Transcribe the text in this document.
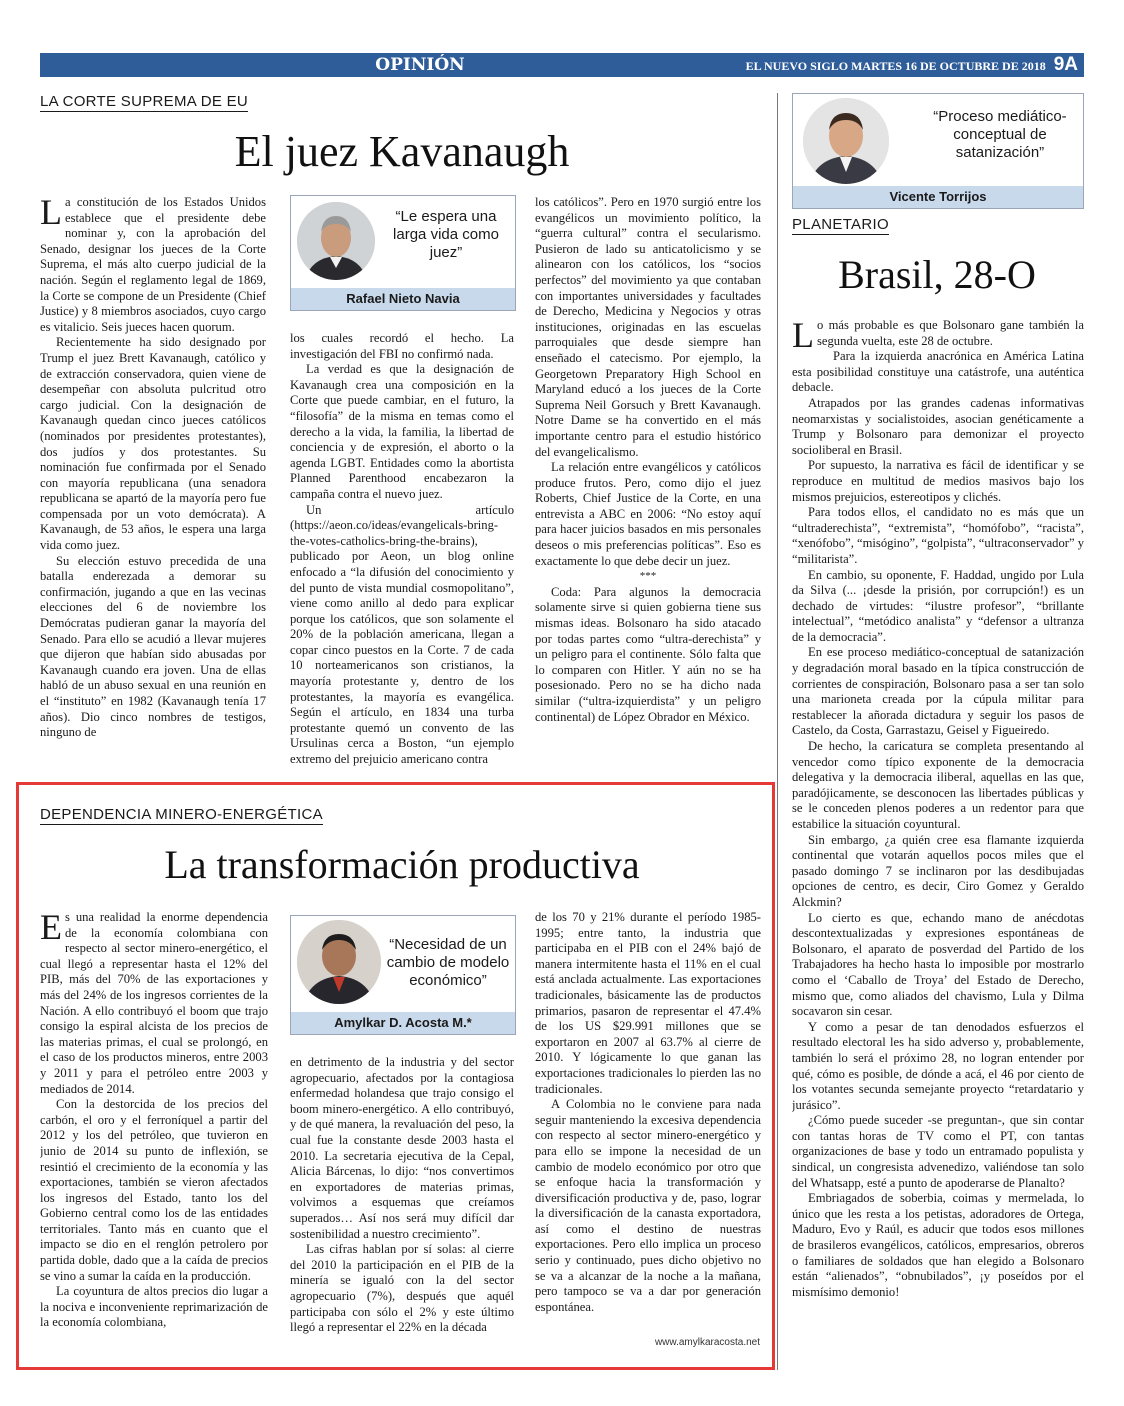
OPINIÓN	EL NUEVO SIGLO MARTES 16 DE OCTUBRE DE 2018 9A
LA CORTE SUPREMA DE EU
El juez Kavanaugh

La constitución de los Estados Unidos establece que el presidente debe nominar y, con la aprobación del Senado, designar los jueces de la Corte Suprema, el más alto cuerpo judicial de la nación. Según el reglamento legal de 1869, la Corte se compone de un Presidente (Chief Justice) y 8 miembros asociados, cuyo cargo es vitalicio. Seis jueces hacen quorum.

Recientemente ha sido designado por Trump el juez Brett Kavanaugh, católico y de extracción conservadora, quien viene de desempeñar con absoluta pulcritud otro cargo judicial. Con la designación de Kavanaugh quedan cinco jueces católicos (nominados por presidentes protestantes), dos judíos y dos protestantes. Su nominación fue confirmada por el Senado con mayoría republicana (una senadora republicana se apartó de la mayoría pero fue compensada por un voto demócrata). A Kavanaugh, de 53 años, le espera una larga vida como juez.

Su elección estuvo precedida de una batalla enderezada a demorar su confirmación, jugando a que en las vecinas elecciones del 6 de noviembre los Demócratas pudieran ganar la mayoría del Senado. Para ello se acudió a llevar mujeres que dijeron que habían sido abusadas por Kavanaugh cuando era joven. Una de ellas habló de un abuso sexual en una reunión en el “instituto” en 1982 (Kavanaugh tenía 17 años). Dio cinco nombres de testigos, ninguno de

“Le espera una larga vida como juez”
Rafael Nieto Navia

los cuales recordó el hecho. La investigación del FBI no confirmó nada.

La verdad es que la designación de Kavanaugh crea una composición en la Corte que puede cambiar, en el futuro, la “filosofía” de la misma en temas como el derecho a la vida, la familia, la libertad de conciencia y de expresión, el aborto o la agenda LGBT. Entidades como la abortista Planned Parenthood encabezaron la campaña contra el nuevo juez.

Un artículo (https://aeon.co/ideas/evangelicals-bring-the-votes-catholics-bring-the-brains), publicado por Aeon, un blog online enfocado a “la difusión del conocimiento y del punto de vista mundial cosmopolitano”, viene como anillo al dedo para explicar porque los católicos, que son solamente el 20% de la población americana, llegan a copar cinco puestos en la Corte. 7 de cada 10 norteamericanos son cristianos, la mayoría protestante y, dentro de los protestantes, la mayoría es evangélica. Según el artículo, en 1834 una turba protestante quemó un convento de las Ursulinas cerca a Boston, “un ejemplo extremo del prejuicio americano contra

los católicos”. Pero en 1970 surgió entre los evangélicos un movimiento político, la “guerra cultural” contra el secularismo. Pusieron de lado su anticatolicismo y se alinearon con los católicos, los “socios perfectos” del movimiento ya que contaban con importantes universidades y facultades de Derecho, Medicina y Negocios y otras instituciones, originadas en las escuelas parroquiales que desde siempre han enseñado el catecismo. Por ejemplo, la Georgetown Preparatory High School en Maryland educó a los jueces de la Corte Suprema Neil Gorsuch y Brett Kavanaugh. Notre Dame se ha convertido en el más importante centro para el estudio histórico del evangelicalismo.

La relación entre evangélicos y católicos produce frutos. Pero, como dijo el juez Roberts, Chief Justice de la Corte, en una entrevista a ABC en 2006: “No estoy aquí para hacer juicios basados en mis personales deseos o mis preferencias políticas”. Eso es exactamente lo que debe decir un juez.

***

Coda: Para algunos la democracia solamente sirve si quien gobierna tiene sus mismas ideas. Bolsonaro ha sido atacado por todas partes como “ultra-derechista” y un peligro para el continente. Sólo falta que lo comparen con Hitler. Y aún no se ha posesionado. Pero no se ha dicho nada similar (“ultra-izquierdista” y un peligro continental) de López Obrador en México.

DEPENDENCIA MINERO-ENERGÉTICA
La transformación productiva

Es una realidad la enorme dependencia de la economía colombiana con respecto al sector minero-energético, el cual llegó a representar hasta el 12% del PIB, más del 70% de las exportaciones y más del 24% de los ingresos corrientes de la Nación. A ello contribuyó el boom que trajo consigo la espiral alcista de los precios de las materias primas, el cual se prolongó, en el caso de los productos mineros, entre 2003 y 2011 y para el petróleo entre 2003 y mediados de 2014.

Con la destorcida de los precios del carbón, el oro y el ferroníquel a partir del 2012 y los del petróleo, que tuvieron en junio de 2014 su punto de inflexión, se resintió el crecimiento de la economía y las exportaciones, también se vieron afectados los ingresos del Estado, tanto los del Gobierno central como los de las entidades territoriales. Tanto más en cuanto que el impacto se dio en el renglón petrolero por partida doble, dado que a la caída de precios se vino a sumar la caída en la producción.

La coyuntura de altos precios dio lugar a la nociva e inconveniente reprimarización de la economía colombiana,

“Necesidad de un cambio de modelo económico”
Amylkar D. Acosta M.*

en detrimento de la industria y del sector agropecuario, afectados por la contagiosa enfermedad holandesa que trajo consigo el boom minero-energético. A ello contribuyó, y de qué manera, la revaluación del peso, la cual fue la constante desde 2003 hasta el 2010. La secretaria ejecutiva de la Cepal, Alicia Bárcenas, lo dijo: “nos convertimos en exportadores de materias primas, volvimos a esquemas que creíamos superados… Así nos será muy difícil dar sostenibilidad a nuestro crecimiento”.

Las cifras hablan por sí solas: al cierre del 2010 la participación en el PIB de la minería se igualó con la del sector agropecuario (7%), después que aquél participaba con sólo el 2% y este último llegó a representar el 22% en la década

de los 70 y 21% durante el período 1985-1995; entre tanto, la industria que participaba en el PIB con el 24% bajó de manera intermitente hasta el 11% en el cual está anclada actualmente. Las exportaciones tradicionales, básicamente las de productos primarios, pasaron de representar el 47.4% de los US $29.991 millones que se exportaron en 2007 al 63.7% al cierre de 2010. Y lógicamente lo que ganan las exportaciones tradicionales lo pierden las no tradicionales.

A Colombia no le conviene para nada seguir manteniendo la excesiva dependencia con respecto al sector minero-energético y para ello se impone la necesidad de un cambio de modelo económico por otro que se enfoque hacia la transformación y diversificación productiva y de, paso, lograr la diversificación de la canasta exportadora, así como el destino de nuestras exportaciones. Pero ello implica un proceso serio y continuado, pues dicho objetivo no se va a alcanzar de la noche a la mañana, pero tampoco se va a dar por generación espontánea.

www.amylkaracosta.net
“Proceso mediático-conceptual de satanización”
Vicente Torrijos
PLANETARIO
Brasil, 28-O

Lo más probable es que Bolsonaro gane también la segunda vuelta, este 28 de octubre.

Para la izquierda anacrónica en América Latina esta posibilidad constituye una catástrofe, una auténtica debacle.

Atrapados por las grandes cadenas informativas neomarxistas y socialistoides, asocian genéticamente a Trump y Bolsonaro para demonizar el proyecto socioliberal en Brasil.

Por supuesto, la narrativa es fácil de identificar y se reproduce en multitud de medios masivos bajo los mismos prejuicios, estereotipos y clichés.

Para todos ellos, el candidato no es más que un “ultraderechista”, “extremista”, “homófobo”, “racista”, “xenófobo”, “misógino”, “golpista”, “ultraconservador” y “militarista”.

En cambio, su oponente, F. Haddad, ungido por Lula da Silva (... ¡desde la prisión, por corrupción!) es un dechado de virtudes: “ilustre profesor”, “brillante intelectual”, “metódico analista” y “defensor a ultranza de la democracia”.

En ese proceso mediático-conceptual de satanización y degradación moral basado en la típica construcción de corrientes de conspiración, Bolsonaro pasa a ser tan solo una marioneta creada por la cúpula militar para restablecer la añorada dictadura y seguir los pasos de Castelo, da Costa, Garrastazu, Geisel y Figueiredo.

De hecho, la caricatura se completa presentando al vencedor como típico exponente de la democracia delegativa y la democracia iliberal, aquellas en las que, paradójicamente, se desconocen las libertades públicas y se le conceden plenos poderes a un redentor para que estabilice la situación coyuntural.

Sin embargo, ¿a quién cree esa flamante izquierda continental que votarán aquellos pocos miles que el pasado domingo 7 se inclinaron por las desdibujadas opciones de centro, es decir, Ciro Gomez y Geraldo Alckmin?

Lo cierto es que, echando mano de anécdotas descontextualizadas y expresiones espontáneas de Bolsonaro, el aparato de posverdad del Partido de los Trabajadores ha hecho hasta lo imposible por mostrarlo como el ‘Caballo de Troya’ del Estado de Derecho, mismo que, como aliados del chavismo, Lula y Dilma socavaron sin cesar.

Y como a pesar de tan denodados esfuerzos el resultado electoral les ha sido adverso y, probablemente, también lo será el próximo 28, no logran entender por qué, cómo es posible, de dónde a acá, el 46 por ciento de los votantes secunda semejante proyecto “retardatario y jurásico”.

¿Cómo puede suceder -se preguntan-, que sin contar con tantas horas de TV como el PT, con tantas organizaciones de base y todo un entramado populista y sindical, un congresista advenedizo, valiéndose tan solo del Whatsapp, esté a punto de apoderarse de Planalto?

Embriagados de soberbia, coimas y mermelada, lo único que les resta a los petistas, adoradores de Ortega, Maduro, Evo y Raúl, es aducir que todos esos millones de brasileros evangélicos, católicos, empresarios, obreros o familiares de soldados que han elegido a Bolsonaro están “alienados”, “obnubilados”, ¡y poseídos por el mismísimo demonio!
